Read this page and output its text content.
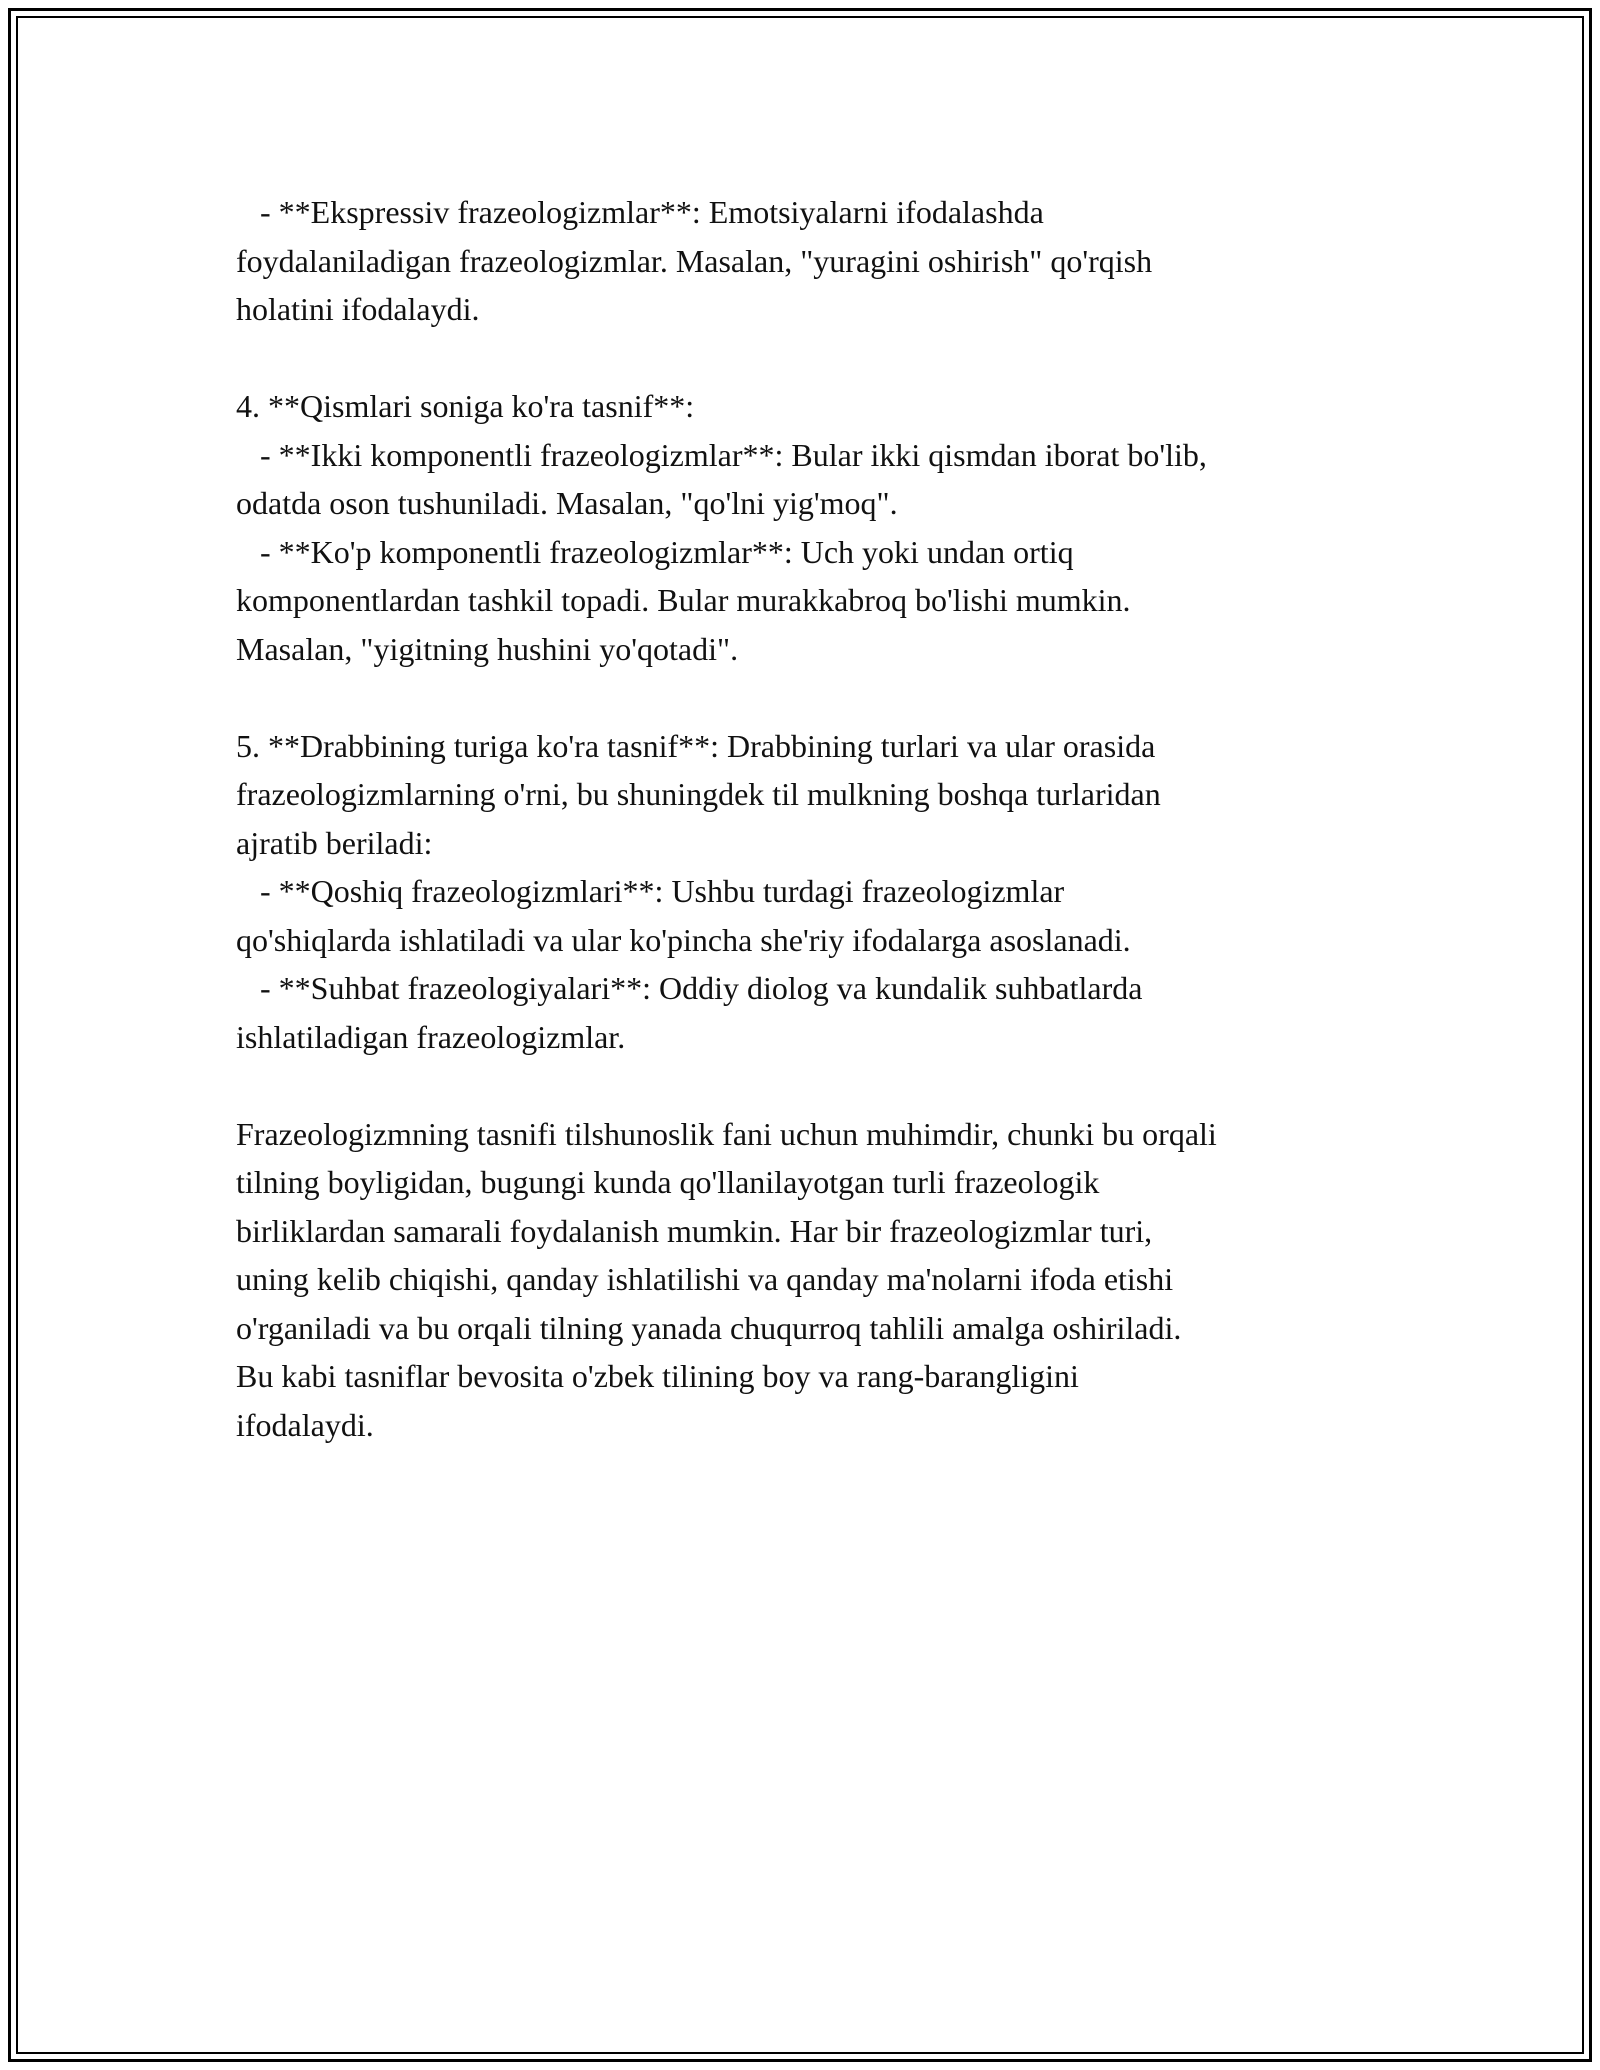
- **Ekspressiv frazeologizmlar**: Emotsiyalarni ifodalashda
foydalaniladigan frazeologizmlar. Masalan, "yuragini oshirish" qo'rqish
holatini ifodalaydi.
4. **Qismlari soniga ko'ra tasnif**:
- **Ikki komponentli frazeologizmlar**: Bular ikki qismdan iborat bo'lib,
odatda oson tushuniladi. Masalan, "qo'lni yig'moq".
- **Ko'p komponentli frazeologizmlar**: Uch yoki undan ortiq
komponentlardan tashkil topadi. Bular murakkabroq bo'lishi mumkin.
Masalan, "yigitning hushini yo'qotadi".
5. **Drabbining turiga ko'ra tasnif**: Drabbining turlari va ular orasida
frazeologizmlarning o'rni, bu shuningdek til mulkning boshqa turlaridan
ajratib beriladi:
- **Qoshiq frazeologizmlari**: Ushbu turdagi frazeologizmlar
qo'shiqlarda ishlatiladi va ular ko'pincha she'riy ifodalarga asoslanadi.
- **Suhbat frazeologiyalari**: Oddiy diolog va kundalik suhbatlarda
ishlatiladigan frazeologizmlar.
Frazeologizmning tasnifi tilshunoslik fani uchun muhimdir, chunki bu orqali
tilning boyligidan, bugungi kunda qo'llanilayotgan turli frazeologik
birliklardan samarali foydalanish mumkin. Har bir frazeologizmlar turi,
uning kelib chiqishi, qanday ishlatilishi va qanday ma'nolarni ifoda etishi
o'rganiladi va bu orqali tilning yanada chuqurroq tahlili amalga oshiriladi.
Bu kabi tasniflar bevosita o'zbek tilining boy va rang-barangligini
ifodalaydi.
